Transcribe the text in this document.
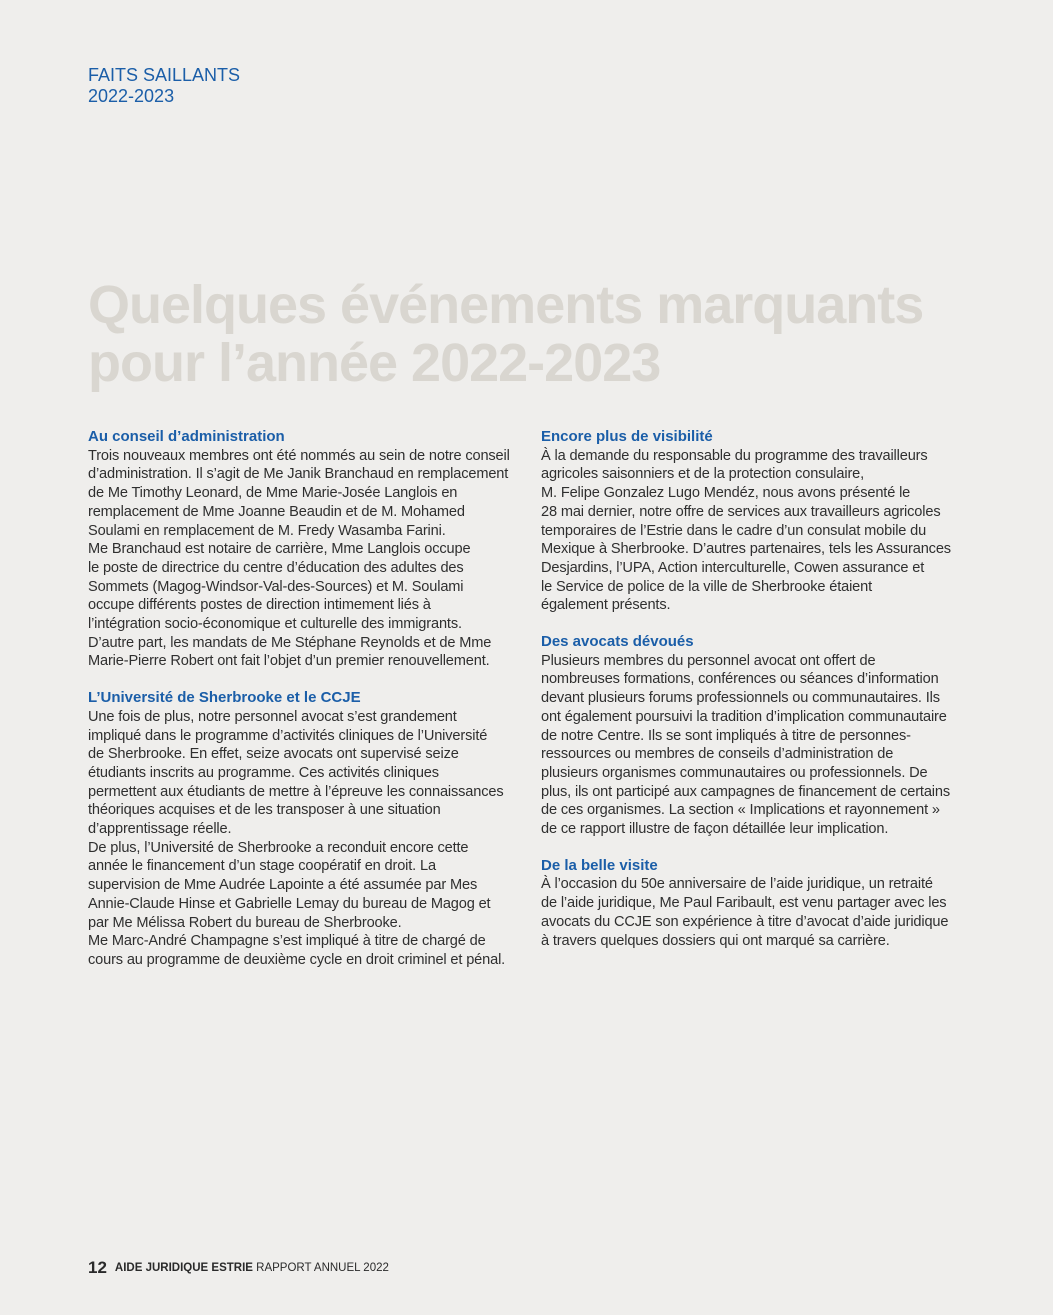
FAITS SAILLANTS
2022-2023
Quelques événements marquants
pour l’année 2022-2023
Au conseil d’administration

Trois nouveaux membres ont été nommés au sein de notre conseil
d’administration. Il s’agit de Me Janik Branchaud en remplacement
de Me Timothy Leonard, de Mme Marie-Josée Langlois en
remplacement de Mme Joanne Beaudin et de M. Mohamed
Soulami en remplacement de M. Fredy Wasamba Farini.
Me Branchaud est notaire de carrière, Mme Langlois occupe
le poste de directrice du centre d’éducation des adultes des
Sommets (Magog-Windsor-Val-des-Sources) et M. Soulami
occupe différents postes de direction intimement liés à
l’intégration socio-économique et culturelle des immigrants.
D’autre part, les mandats de Me Stéphane Reynolds et de Mme
Marie-Pierre Robert ont fait l’objet d’un premier renouvellement.

L’Université de Sherbrooke et le CCJE

Une fois de plus, notre personnel avocat s’est grandement
impliqué dans le programme d’activités cliniques de l’Université
de Sherbrooke. En effet, seize avocats ont supervisé seize
étudiants inscrits au programme. Ces activités cliniques
permettent aux étudiants de mettre à l’épreuve les connaissances
théoriques acquises et de les transposer à une situation
d’apprentissage réelle.
De plus, l’Université de Sherbrooke a reconduit encore cette
année le financement d’un stage coopératif en droit. La
supervision de Mme Audrée Lapointe a été assumée par Mes
Annie-Claude Hinse et Gabrielle Lemay du bureau de Magog et
par Me Mélissa Robert du bureau de Sherbrooke.
Me Marc-André Champagne s’est impliqué à titre de chargé de
cours au programme de deuxième cycle en droit criminel et pénal.

Encore plus de visibilité

À la demande du responsable du programme des travailleurs
agricoles saisonniers et de la protection consulaire,
M. Felipe Gonzalez Lugo Mendéz, nous avons présenté le
28 mai dernier, notre offre de services aux travailleurs agricoles
temporaires de l’Estrie dans le cadre d’un consulat mobile du
Mexique à Sherbrooke. D’autres partenaires, tels les Assurances
Desjardins, l’UPA, Action interculturelle, Cowen assurance et
le Service de police de la ville de Sherbrooke étaient
également présents.

Des avocats dévoués

Plusieurs membres du personnel avocat ont offert de
nombreuses formations, conférences ou séances d’information
devant plusieurs forums professionnels ou communautaires. Ils
ont également poursuivi la tradition d’implication communautaire
de notre Centre. Ils se sont impliqués à titre de personnes-
ressources ou membres de conseils d’administration de
plusieurs organismes communautaires ou professionnels. De
plus, ils ont participé aux campagnes de financement de certains
de ces organismes. La section « Implications et rayonnement »
de ce rapport illustre de façon détaillée leur implication.

De la belle visite

À l’occasion du 50e anniversaire de l’aide juridique, un retraité
de l’aide juridique, Me Paul Faribault, est venu partager avec les
avocats du CCJE son expérience à titre d’avocat d’aide juridique
à travers quelques dossiers qui ont marqué sa carrière.

12 AIDE JURIDIQUE ESTRIE RAPPORT ANNUEL 2022
